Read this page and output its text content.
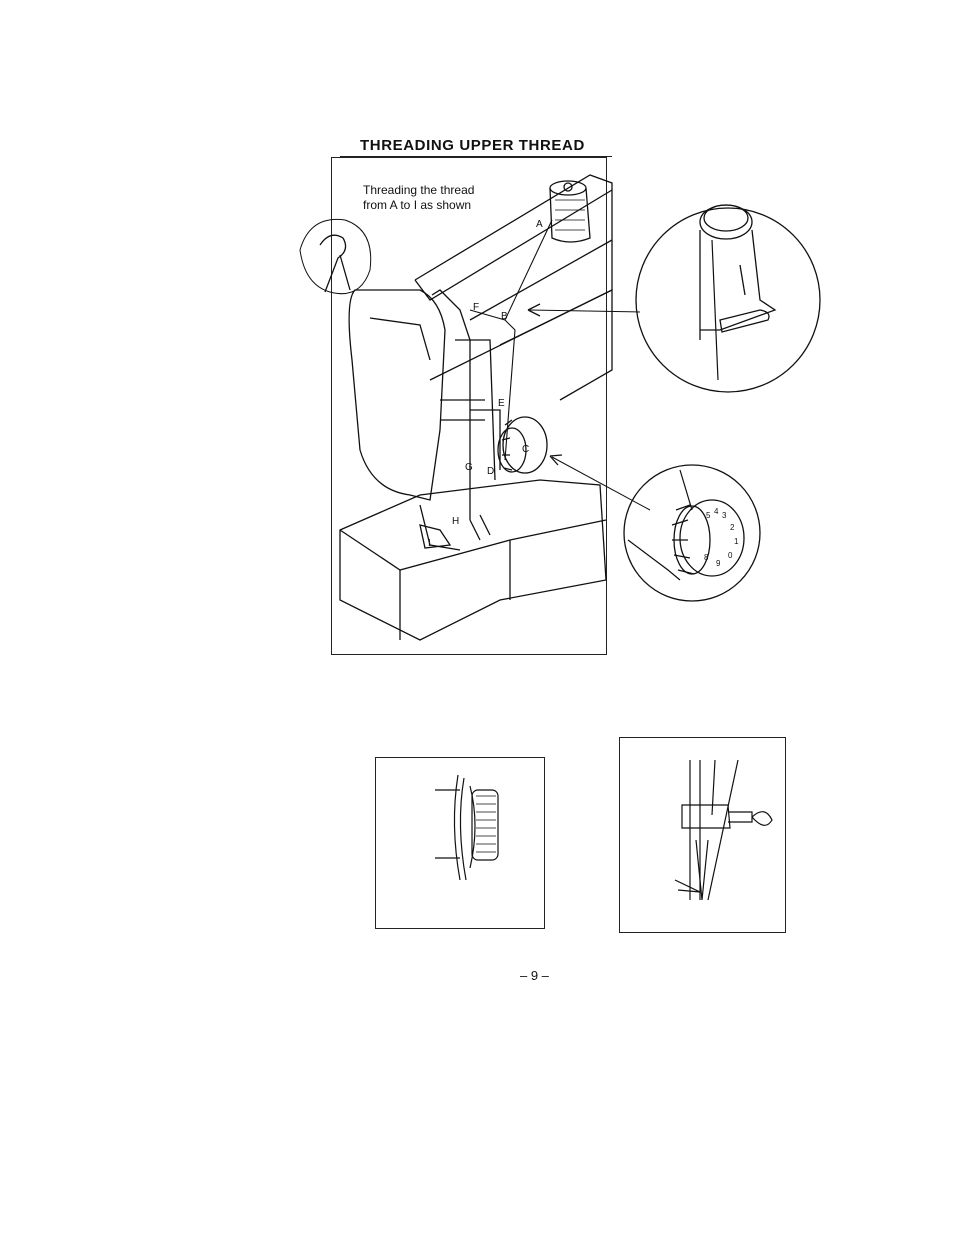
THREADING UPPER THREAD
5 4 3
2
1
0
9
8
A
B
C
D
E
F
G
H
I
Threading the thread
from A to I as shown
– 9 –
